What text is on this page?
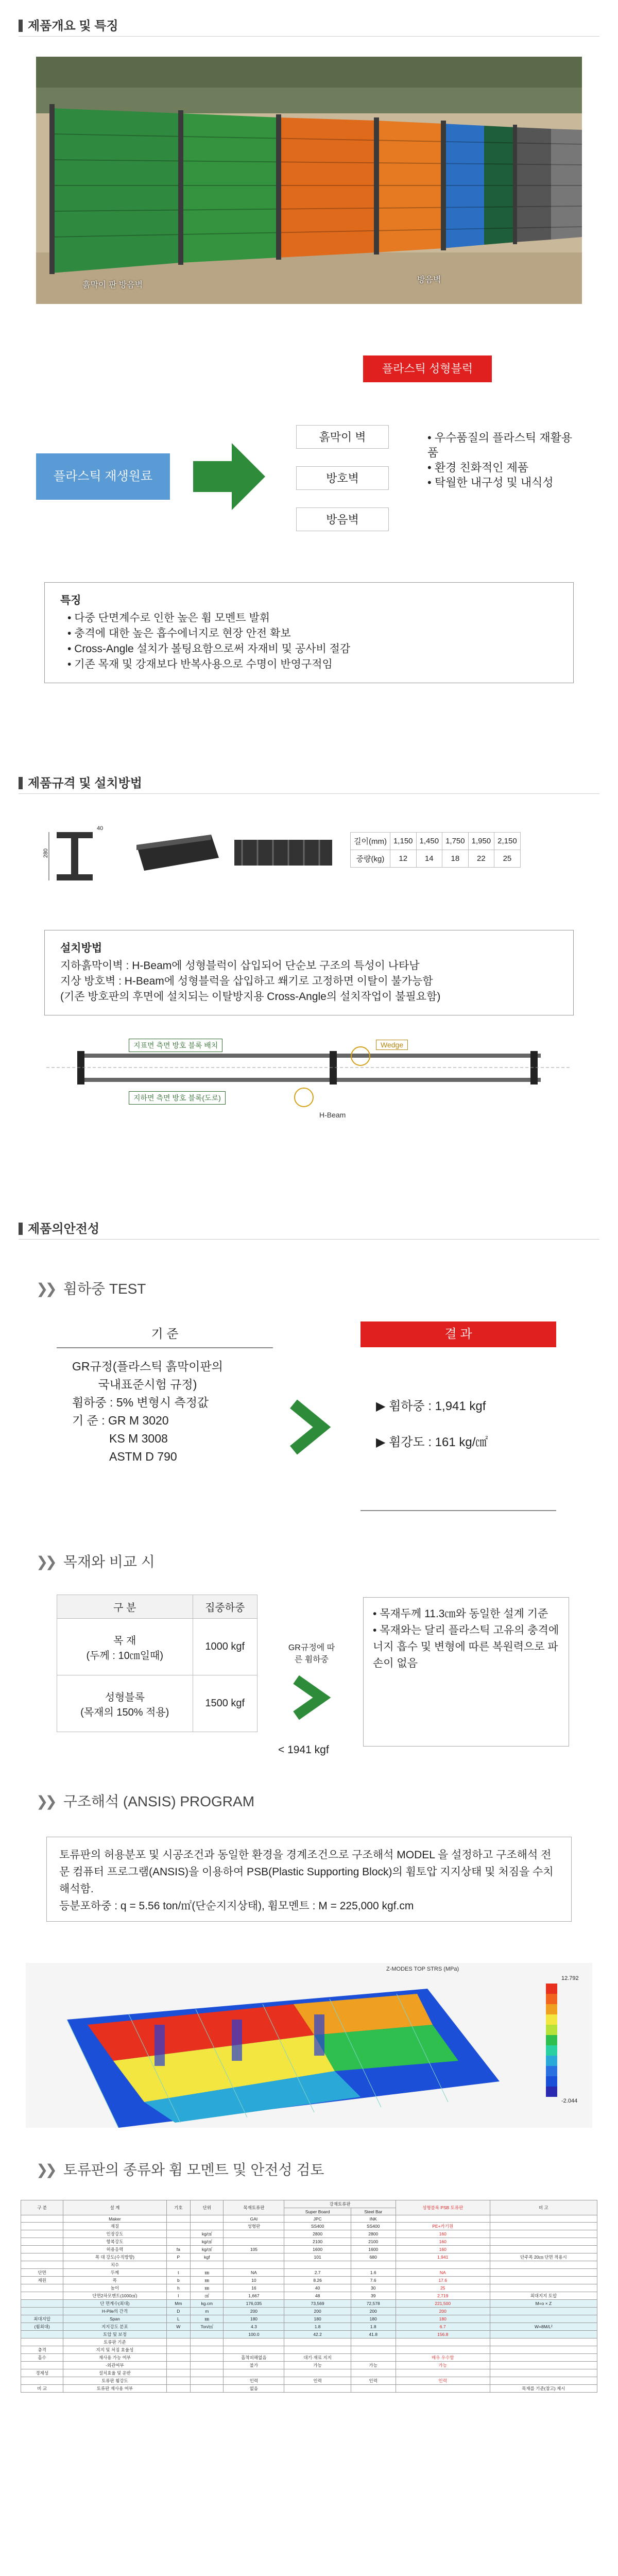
제품개요 및 특징
흙막이 판 방음벽
방음벽
플라스틱 성형블럭
플라스틱 재생원료
흙막이 벽
방호벽
방음벽
• 우수품질의 플라스틱 재활용품
• 환경 친화적인 제품
• 탁월한 내구성 및 내식성
특징
• 다중 단면계수로 인한 높은 휨 모멘트 발휘
• 충격에 대한 높은 흡수에너지로 현장 안전 확보
• Cross-Angle 설치가 볼팅요함으로써 자재비 및 공사비 절감
• 기존 목재 및 강재보다 반복사용으로 수명이 반영구적임
제품규격 및 설치방법
280
40
길이(mm)	1,150	1,450	1,750	1,950	2,150
중량(kg)	12	14	18	22	25
설치방법
지하흙막이벽 : H-Beam에 성형블럭이 삽입되어 단순보 구조의 특성이 나타남
지상 방호벽 : H-Beam에 성형블럭을 삽입하고 쐐기로 고정하면 이탈이 불가능함
(기존 방호판의 후면에 설치되는 이탈방지용 Cross-Angle의 설치작업이 불필요함)
지표면 측면 방호 블록 배치
지하면 측면 방호 블록(도로)
Wedge
H-Beam
제품의안전성
❯❯ 휨하중 TEST
기 준
GR규정(플라스틱 흙막이판의
국내표준시험 규정)
휨하중 : 5% 변형시 측정값
기 준 : GR M 3020
KS M 3008
ASTM D 790
결 과
▶ 휨하중 : 1,941 kgf
▶ 휨강도 : 161 kg/㎠
❯❯ 목재와 비교 시
구 분	집중하중

목 재
(두께 : 10㎝일때)	1000 kgf

성형블록
(목재의 150% 적용)	1500 kgf
GR규정에 따른 휨하중
< 1941 kgf
• 목재두께 11.3㎝와 동일한 설계 기준
• 목재와는 달리 플라스틱 고유의 충격에너지 흡수 및 변형에 따른 복원력으로 파손이 없음
❯❯ 구조해석 (ANSIS) PROGRAM
토류판의 허용분포 및 시공조건과 동일한 환경을 경계조건으로 구조해석 MODEL 을 설정하고 구조해석 전문 컴퓨터 프로그램(ANSIS)을 이용하여 PSB(Plastic Supporting Block)의 휨토압 지지상태 및 처짐을 수치해석함.
등분포하중 : q = 5.56 ton/㎡(단순지지상태), 휨모멘트 : M = 225,000 kgf.cm
Z-MODES TOP STRS (MPa)
12.792
-2.044
❯❯ 토류판의 종류와 휨 모멘트 및 안전성 검토
구 분	설 계	기호	단위	목재토류판	강재토류판		성형블록 PSB 토류판	비 고
					Super Board	Steel Bar		
	Maker			GAI	JPC	INK		
	재질			성형판	SS400	SS400	PE+카기원	
	인장강도		kg/㎠		2800	2800	160	
	항복강도		kg/㎠		2100	2100	160	
	허용응력	fa	kg/㎠	105	1600	1600	160	
	폭 대 강도(수직방향)	P	kgf		101	680	1,941	단주폭 20㎝ 단면 적용시
	치수							
단면	두께	t	㎜	NA	2.7	1.6	NA	
제원	폭	b	㎜	10	8.26	7.6	17.6	
	높이	h	㎜	16	40	30	25	
	단면2차모멘트(1000㎤)	I	㎠	1,667	48	39	2,719	최대지지 토압
	단 면계수(최대)	Mm	kg.cm	176,035	73,569	72,578	221,500	M=o × Z
	H-Pile의 간격	D	m	200	200	200	200	
최대지압	Span	L	㎜	180	180	180	180	
(휨최대)	지지강도 분포	W	Ton/㎡	4.3	1.8	1.8	6.7	W=8M/L²
	토압 및 보정			100.0	42.2	41.8	156.8	
	토류판 기준							
충격	지지 및 처짐 효율성							
흡수	재사용 가능 여부			흡착피해없음	대기·재료 지지		매우 우수함	
	-외관여부			불가	가능	가능	가능	
경제성	설치효율 및 운반							
	토류판 휨강도			인력	인력	인력	인력	
비 교	토류판 재사용 여부			없음				목재를 기준(참고) 제시
